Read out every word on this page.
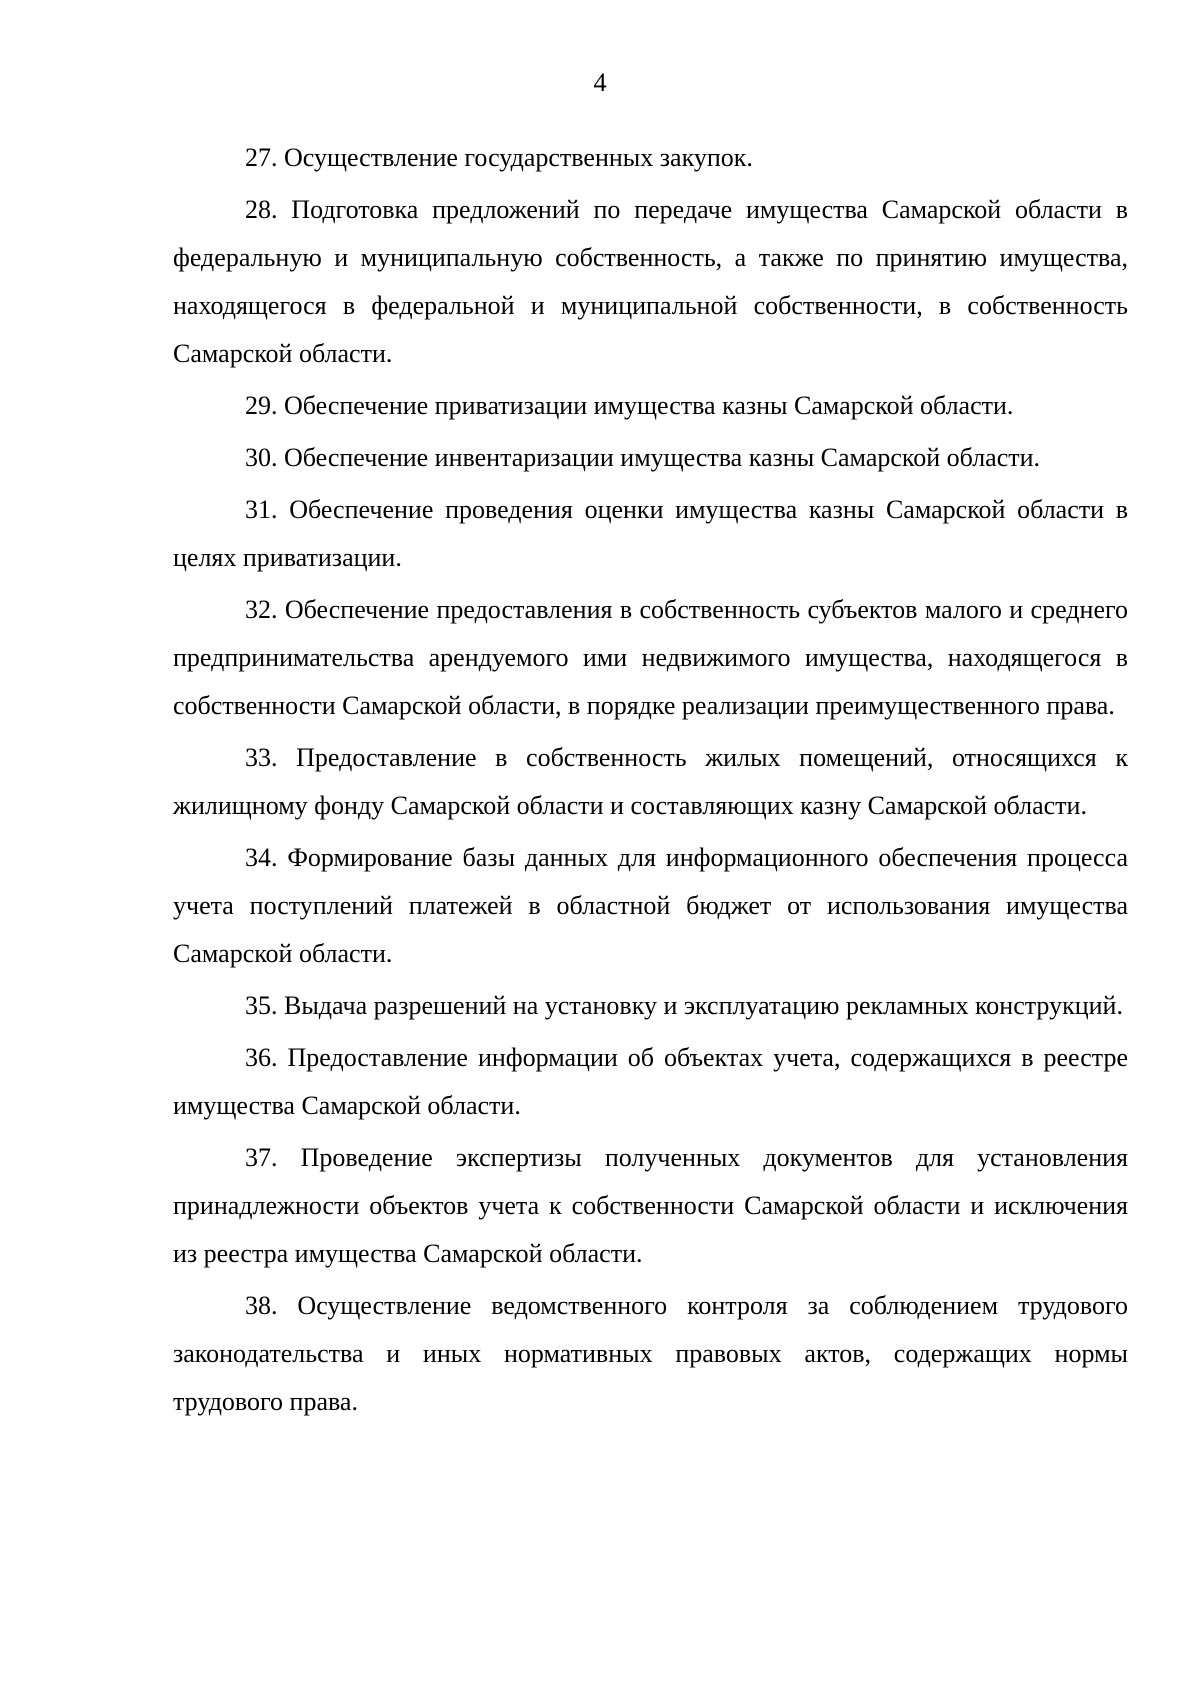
4

27. Осуществление государственных закупок.

28. Подготовка предложений по передаче имущества Самарской области в федеральную и муниципальную собственность, а также по принятию имущества, находящегося в федеральной и муниципальной собственности, в собственность Самарской области.

29. Обеспечение приватизации имущества казны Самарской области.

30. Обеспечение инвентаризации имущества казны Самарской области.

31. Обеспечение проведения оценки имущества казны Самарской области в целях приватизации.

32. Обеспечение предоставления в собственность субъектов малого и среднего предпринимательства арендуемого ими недвижимого имущества, находящегося в собственности Самарской области, в порядке реализации преимущественного права.

33. Предоставление в собственность жилых помещений, относящихся к жилищному фонду Самарской области и составляющих казну Самарской области.

34. Формирование базы данных для информационного обеспечения процесса учета поступлений платежей в областной бюджет от использования имущества Самарской области.

35. Выдача разрешений на установку и эксплуатацию рекламных конструкций.

36. Предоставление информации об объектах учета, содержащихся в реестре имущества Самарской области.

37. Проведение экспертизы полученных документов для установления принадлежности объектов учета к собственности Самарской области и исключения из реестра имущества Самарской области.

38. Осуществление ведомственного контроля за соблюдением трудового законодательства и иных нормативных правовых актов, содержащих нормы трудового права.
